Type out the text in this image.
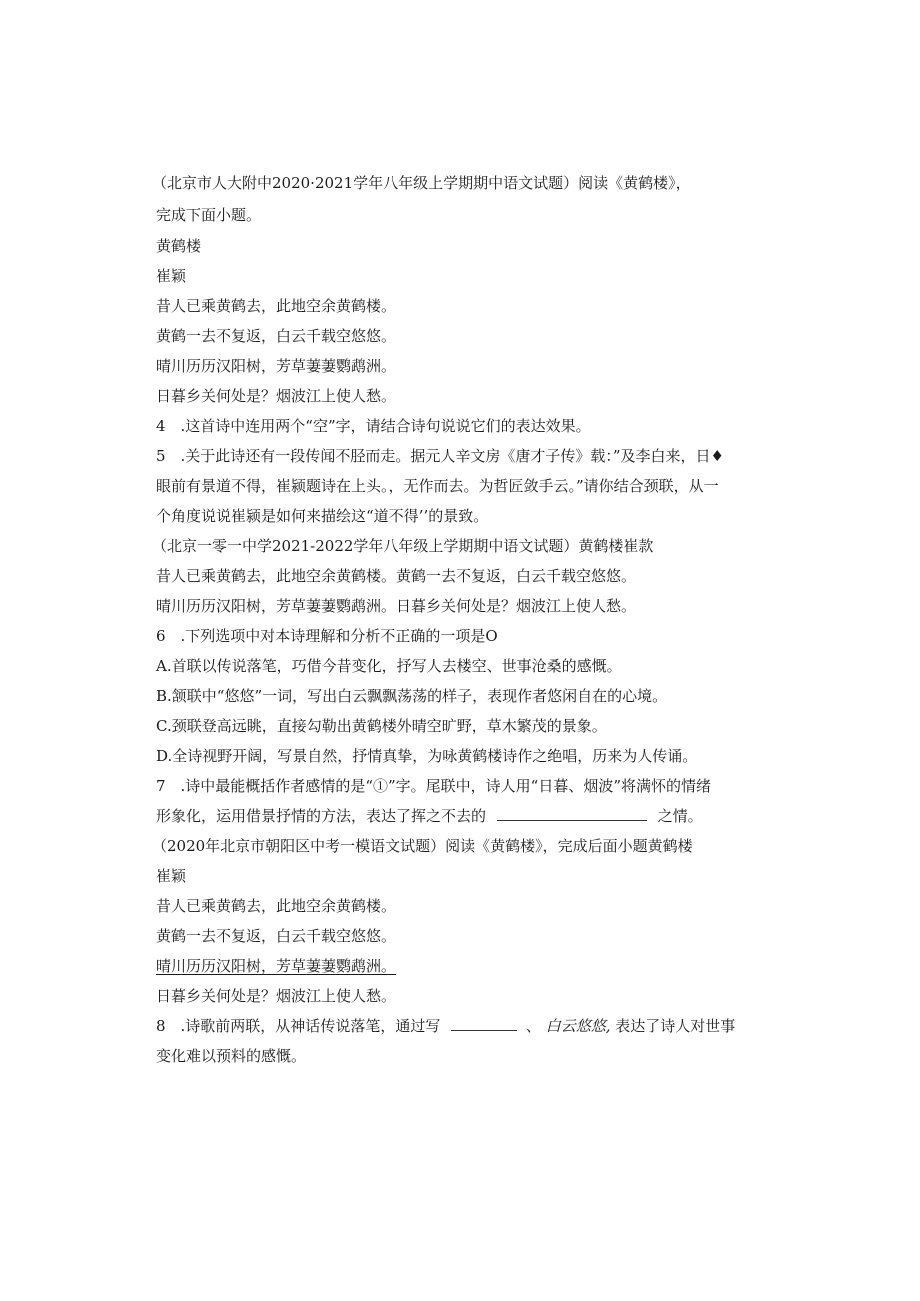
（北京市人大附中2020·2021学年八年级上学期期中语文试题）阅读《黄鹤楼》，
完成下面小题。
黄鹤楼
崔颖
昔人已乘黄鹤去，此地空余黄鹤楼。
黄鹤一去不复返，白云千载空悠悠。
晴川历历汉阳树，芳草萋萋鹦鹉洲。
日暮乡关何处是？烟波江上使人愁。
4　.这首诗中连用两个“空”字，请结合诗句说说它们的表达效果。
5　.关于此诗还有一段传闻不胫而走。据元人辛文房《唐才子传》载：”及李白来，日♦
眼前有景道不得，崔颍题诗在上头。，无作而去。为哲匠敛手云。”请你结合颈联，从一
个角度说说崔颍是如何来描绘这“道不得’’的景致。
（北京一零一中学2021-2022学年八年级上学期期中语文试题）黄鹤楼崔款
昔人已乘黄鹤去，此地空余黄鹤楼。黄鹤一去不复返，白云千载空悠悠。
晴川历历汉阳树，芳草萋萋鹦鹉洲。日暮乡关何处是？烟波江上使人愁。
6　.下列选项中对本诗理解和分析不正确的一项是O
A.首联以传说落笔，巧借今昔变化，抒写人去楼空、世事沧桑的感慨。
B.颔联中“悠悠”一词，写出白云飘飘荡荡的样子，表现作者悠闲自在的心境。
C.颈联登高远眺，直接勾勒出黄鹤楼外晴空旷野，草木繁茂的景象。
D.全诗视野开阔，写景自然，抒情真挚，为咏黄鹤楼诗作之绝唱，历来为人传诵。
7　.诗中最能概括作者感情的是“①”字。尾联中，诗人用“日暮、烟波”将满怀的情绪
形象化，运用借景抒情的方法，表达了挥之不去的	之情。
（2020年北京市朝阳区中考一模语文试题）阅读《黄鹤楼》，完成后面小题黄鹤楼
崔颖
昔人已乘黄鹤去，此地空余黄鹤楼。
黄鹤一去不复返，白云千载空悠悠。
晴川历历汉阳树，芳草萋萋鹦鹉洲。
日暮乡关何处是？烟波江上使人愁。
8　.诗歌前两联，从神话传说落笔，通过写	、 白云悠悠, 表达了诗人对世事
变化难以预料的感慨。
